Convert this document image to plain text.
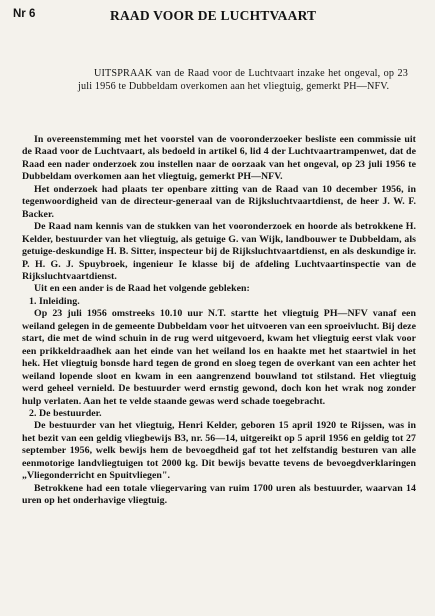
Nr 6	RAAD VOOR DE LUCHTVAART
UITSPRAAK van de Raad voor de Luchtvaart inzake het ongeval, op 23 juli 1956 te Dubbeldam overkomen aan het vliegtuig, gemerkt PH—NFV.

In overeenstemming met het voorstel van de vooronderzoeker besliste een commissie uit de Raad voor de Luchtvaart, als bedoeld in artikel 6, lid 4 der Luchtvaartrampenwet, dat de Raad een nader onderzoek zou instellen naar de oorzaak van het ongeval, op 23 juli 1956 te Dubbeldam overkomen aan het vliegtuig, gemerkt PH—NFV.

Het onderzoek had plaats ter openbare zitting van de Raad van 10 december 1956, in tegenwoordigheid van de directeur-generaal van de Rijksluchtvaartdienst, de heer J. W. F. Backer.

De Raad nam kennis van de stukken van het vooronderzoek en hoorde als betrokkene H. Kelder, bestuurder van het vliegtuig, als getuige G. van Wijk, landbouwer te Dubbeldam, als getuige-deskundige H. B. Sitter, inspecteur bij de Rijksluchtvaartdienst, en als deskundige ir. P. H. G. J. Spuybroek, ingenieur Ie klasse bij de afdeling Luchtvaartinspectie van de Rijksluchtvaartdienst.

Uit en een ander is de Raad het volgende gebleken:

1. Inleiding.

Op 23 juli 1956 omstreeks 10.10 uur N.T. startte het vliegtuig PH—NFV vanaf een weiland gelegen in de gemeente Dubbeldam voor het uitvoeren van een sproeivlucht. Bij deze start, die met de wind schuin in de rug werd uitgevoerd, kwam het vliegtuig eerst vlak voor een prikkeldraadhek aan het einde van het weiland los en haakte met het staartwiel in het hek. Het vliegtuig bonsde hard tegen de grond en sloeg tegen de overkant van een achter het weiland lopende sloot en kwam in een aangrenzend bouwland tot stilstand. Het vliegtuig werd geheel vernield. De bestuurder werd ernstig gewond, doch kon het wrak nog zonder hulp verlaten. Aan het te velde staande gewas werd schade toegebracht.

2. De bestuurder.

De bestuurder van het vliegtuig, Henri Kelder, geboren 15 april 1920 te Rijssen, was in het bezit van een geldig vliegbewijs B3, nr. 56—14, uitgereikt op 5 april 1956 en geldig tot 27 september 1956, welk bewijs hem de bevoegdheid gaf tot het zelfstandig besturen van alle eenmotorige landvliegtuigen tot 2000 kg. Dit bewijs bevatte tevens de bevoegdverklaringen „Vliegonderricht en Spuitvliegen".

Betrokkene had een totale vliegervaring van ruim 1700 uren als bestuurder, waarvan 14 uren op het onderhavige vliegtuig.
